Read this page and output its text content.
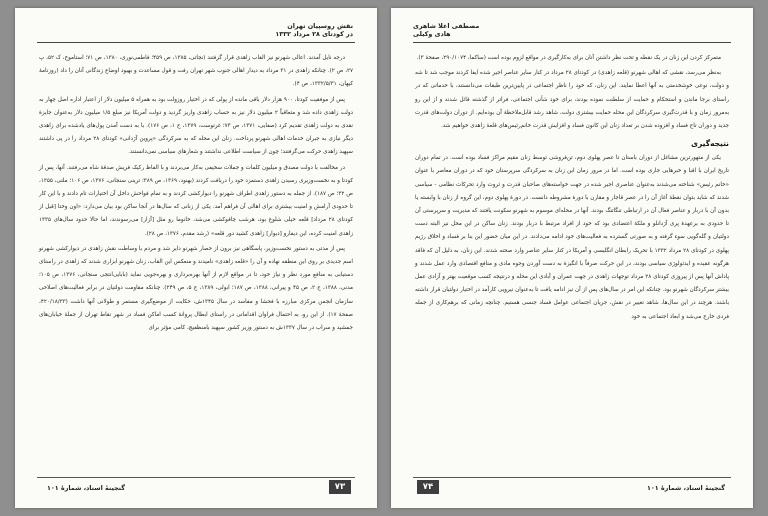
نقش روسپیان تهران
در کودتای ۲۸ مرداد ۱۳۳۲

درجه نایل آمدند. اعالی شهرنو نیز القاب زاهدی قرار گرفتند (نجاتی، ۱۳۸۵، ص ۴۵۹؛ فاطمی‌نوری، ۱۳۸۰، ص ۷۱؛ استاموخ، ک ۵۲، پ ۲۷، ص ۲). چنانکه زاهدی در ۳۱ مرداد به دیدار اهالی جنوب شهر تهران رفت و قول مساعدت و بهبود اوضاع زندگانی آنان را داد (روزنامهٔ کیهان، ۱۳۳۲/۵/۳۱، ص ۴).

پس از موفقیت کودتا، ۹۰۰ هزار دلار باقی مانده از پولی که در اختیار روزولت بود به همراه ۵ میلیون دلار از اعتبار اداره اصل چهار به دولت زاهدی داده شد و متعاقباً ۲ میلیون دلار نیز به حساب زاهدی واریز گردید و دولت آمریکا نیز مبلغ ۱/۵ میلیون دلار به‌عنوان جایزهٔ نقدی به دولت زاهدی تقدیم کرد (صفایی، ۱۳۷۱، ص ۷۳؛ غرتوست، ۱۳۷۹، ج ۱، ص ۱۷۶). با به دست آمدن پول‌های یادشده برای زاهدی دیگر نیازی به جبران خدمات اهالی شهرنو پرداخت. زنان این محله که به سرکردگی «پروین آژدانی» کودتای ۲۸ مرداد را در پی داشتند سپهبد زاهدی حرکت می‌گرفتند؛ چون از سیاست اطلاعی نداشتند و شعارهای سیاسی نمی‌دانستند.

در مخالفت با دولت مصدق و میلیون کلمات و جملات سخیفی به‌کار می‌بردند و با الفاظ رکیک فریش صدقهٔ شاه می‌رفتند. آنها، پس از کودتا و به نخست‌وزیری رسیدن زاهدی دستمزد خود را دریافت کردند (بهنود، ۱۳۶۹، ص ۳۸۹؛ ترینی سنجانی، ۱۳۷۶، ص ۱۰۶؛ ملتی، ۱۳۵۵، ص ۳۲؛ ص ۱۸۷). از جمله به دستور زاهدی اطراف شهرنو را دیوارکشی کردند و به تمام فواحش داخل آن اختیارات تام دادند و با این کار تا حدودی آرامش و امنیت بیشتری برای اهالی آن فراهم آمد. یکی از زنانی که سال‌ها در آنجا ساکن بود بیان می‌دارد: «اون وختا [قبل از کودتای ۲۸ مرداد] قلعه خیلی شلوغ بود، هرشب چاقوکشی می‌شد، خانوما رو مثل [آزار] می‌رسوندند، اما حالا حدود سال‌های ۱۳۳۵ زاهدی امنیت کرده، این دیفارو [دیوار] زاهدی کشید دور قلعه» (رشد مقدم، ۱۳۷۶، ص ۲۸).

پس از مدتی به دستور نخست‌وزیر، پاسگاهی نیز برون از حصار شهرنو دایر شد و مردم با وساطت نقش زاهدی در دیوارکشی شهرنو اسم جدیدی بر روی این منطقه نهاده و آن را «قلعه زاهدی» نامیدند و منعکس این القاب، زنان شهرنو ابزاری شدند که زاهدی در راستای دستیابی به منافع مورد نظر و نیاز خود، تا در مواقع لازم از آنها بهره‌برداری و بهره‌جویی نماید (بابایی‌انتجی سنجانی، ۱۳۷۶، ص ۱۰۵؛ مدنی، ۱۳۸۸، ج ۲، ص ۴۵ و پیرانی، ۱۳۸۸، ص ۱۸۷؛ ابولی، ۱۳۸۹، ج ۵، ص ۲۴۹). چنانکه مقاومت دولتیان در برابر فعالیت‌های اصلاحی سازمان انجمن مرکزی مبارزه با فحشا و مفاسد در سال ۱۳۴۵ش، حکایت از موضع‌گیری مستمر و طولانی آنها داشت (۴۲۰/۱۸/۳۳، صفحهٔ ۱۷). از این رو، به احتمال فراوان اقداماتی در راستای ابطال پروانهٔ کسب اماکن فساد در شهر نقاط تهران از جملهٔ خیابان‌های جمشید و سراب در سال ۱۳۳۷ش به دستور وزیر کشور سپهبد بامنظفیچ، کامی مؤثر برای

گنجینهٔ اسناد، شمارهٔ ۱۰۱	۷۳
مصطفی اعلا شاهری
هادی وکیلی

متمرکز کردن این زنان در یک نقطه و تحت نظر داشتن آنان برای به‌کارگیری در مواقع لزوم بوده است (ساکما، ۲۹۰/۱۰۷۴، صفحهٔ ۳).

به‌نظر می‌رسد، نقشی که اهالی شهرنو (قلعه زاهدی) در کودتای ۲۸ مرداد در کنار سایر عناصر اجیر شده ایفا کردند موجب شد تا شه و دولت، نوعی خوشخدمتی به آنها اعطا نمایند. این زنان، که خود را ناظر اجتماعی در پایین‌ترین طبقات می‌دانستند، با خدماتی که در راستای برجا ماندن و استحکام و حمایت از سلطنت نموده بودند، برای خود شأنی اجتماعی، فراتر از گذشته قائل شدند و از این رو به‌مرور زمان و با قدرت‌گیری سرکردگان این محله حمایت بیشتری دولت، شاهد رشد قابل‌ملاحظهٔ آن بوده‌ایم. از دوران دولت‌های قدرت جدید و دوران تاج فساد و افزوده شدن بر تعداد زنان این کانون فساد و افزایش قدرت خانم‌رئیس‌های قلعهٔ زاهدی خواهیم شد.

نتیجه‌گیری

یکی از متهورترین مشاغل از دوران باستان تا عصر پهلوی دوم، تن‌فروشی توسط زنان مقیم مراکز فساد بوده است. در تمام دوران تاریخ ایران با اقبا و خبرهایی جاری بوده است. اما در مرور زمان این زنان به سرکردگی سرپرستان خود که در دوران معاصر با عنوان «خانم رئیس» شناخته می‌شدند به‌عنوان عناصری اجیر شده در جهت خواسته‌های صاحبان قدرت و ثروت وارد تحرکات نظامی - سیاسی شدند که شاید بتوان نقطهٔ آغاز آن را در عصر قاجار و مقارن با دورهٔ مشروطه دانست. در دورهٔ پهلوی دوم، این گروه از زنان با وابسته یا بدون آن با دربار و عناصر فعال آن در ارتباطی تنگاتنگ بودند. آنها در محله‌ای موسوم به شهرنو سکونت یافتند که مدیریت و سرپرستی آن تا حدودی به برعهدهٔ پری آژدانلو و ملکهٔ اعتضادی بود که خود از افراد مرتبط با دربار بودند. زنان ساکن در این محل نیز البته دست دولتیان و گله‌گویی سوء گرفته و به صورتی گسترده به فعالیت‌های خود ادامه می‌دادند. در این میان حضور این بنا بر فساد و اخلاق رژیم پهلوی در کودتای ۲۸ مرداد ۱۳۳۲ با تحریک رابطان انگلیسی و آمریکا در کنار سایر عناصر وارد صحنه شدند. این زنان، به دلیل آن که فاقد هرگونه عقیده و ایدئولوژی سیاسی بودند، در این حرکت صرفاً با انگیزهٔ به دست آوردن وجوه مادی و منافع اقتصادی وارد عمل شدند و پاداش آنها پس از پیروزی کودتای ۲۸ مرداد توجهات زاهدی در جهت عمران و آبادی این محله و درنتیجه کسب موقعیت بهتر و آزادی عمل بیشتر سرکردگان شهرنو بود. چنانکه این امر در سال‌های پس از آن نیز ادامه یافت تا به‌عنوان نیرویی کارآمد در اختیار دولتیان قرار داشته باشند. هرچند در این سال‌ها، شاهد تغییر در نقش، جریان اجتماعی عوامل فساد جنسی هستیم. چنانچه زمانی که برهم‌کاری از جمله فردی خارج می‌شد و ابعاد اجتماعی به خود

۷۴	گنجینهٔ اسناد، شمارهٔ ۱۰۱
